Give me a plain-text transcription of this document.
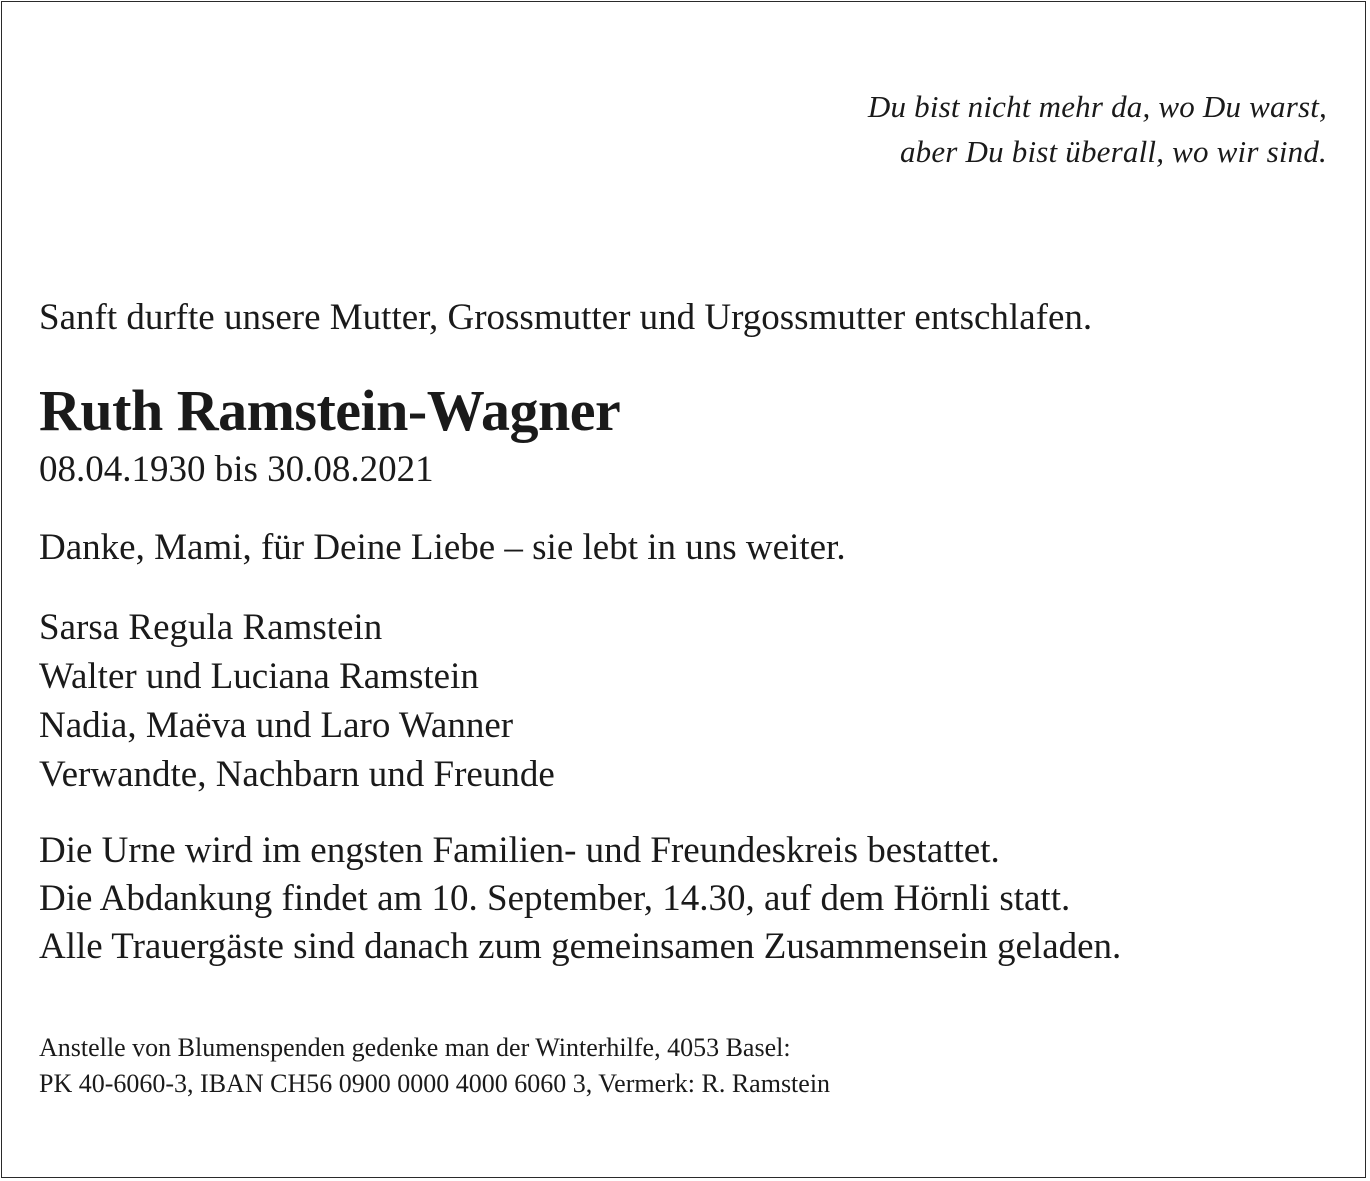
Du bist nicht mehr da, wo Du warst,
aber Du bist überall, wo wir sind.
Sanft durfte unsere Mutter, Grossmutter und Urgossmutter entschlafen.
Ruth Ramstein-Wagner
08.04.1930 bis 30.08.2021
Danke, Mami, für Deine Liebe – sie lebt in uns weiter.
Sarsa Regula Ramstein
Walter und Luciana Ramstein
Nadia, Maëva und Laro Wanner
Verwandte, Nachbarn und Freunde
Die Urne wird im engsten Familien- und Freundeskreis bestattet.
Die Abdankung findet am 10. September, 14.30, auf dem Hörnli statt.
Alle Trauergäste sind danach zum gemeinsamen Zusammensein geladen.
Anstelle von Blumenspenden gedenke man der Winterhilfe, 4053 Basel:
PK 40-6060-3, IBAN CH56 0900 0000 4000 6060 3, Vermerk: R. Ramstein
